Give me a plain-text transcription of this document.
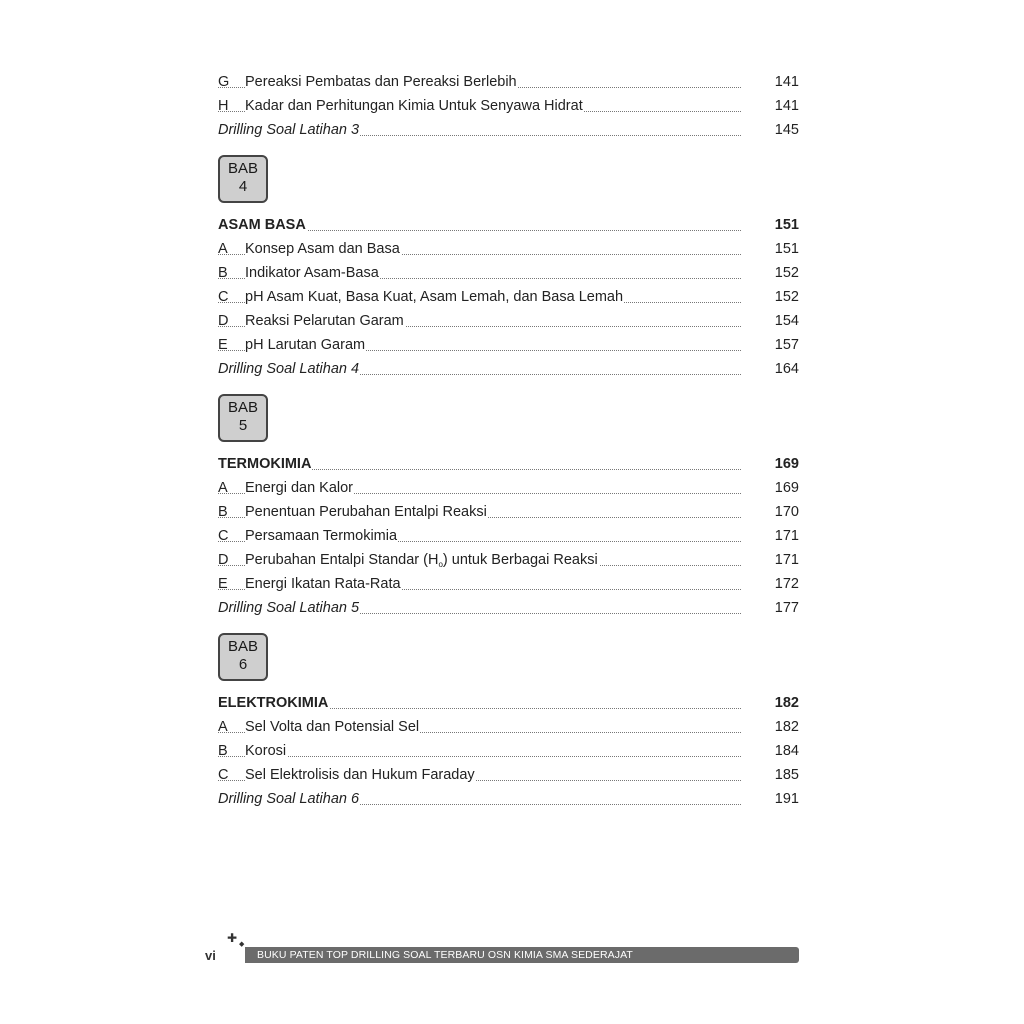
G	Pereaksi Pembatas dan Pereaksi Berlebih	141
H	Kadar dan Perhitungan Kimia Untuk Senyawa Hidrat	141
Drilling Soal Latihan 3	145
BAB
4
ASAM BASA	151
A	Konsep Asam dan Basa	151
B	Indikator Asam-Basa	152
C	pH Asam Kuat, Basa Kuat, Asam Lemah, dan Basa Lemah	152
D	Reaksi Pelarutan Garam	154
E	pH Larutan Garam	157
Drilling Soal Latihan 4	164
BAB
5
TERMOKIMIA	169
A	Energi dan Kalor	169
B	Penentuan Perubahan Entalpi Reaksi	170
C	Persamaan Termokimia	171
D	Perubahan Entalpi Standar $(H_o)$ untuk Berbagai Reaksi	171
E	Energi Ikatan Rata-Rata	172
Drilling Soal Latihan 5	177
BAB
6
ELEKTROKIMIA	182
A	Sel Volta dan Potensial Sel	182
B	Korosi	184
C	Sel Elektrolisis dan Hukum Faraday	185
Drilling Soal Latihan 6	191
vi
✚ ◆
BUKU PATEN TOP DRILLING SOAL TERBARU OSN KIMIA SMA SEDERAJAT
